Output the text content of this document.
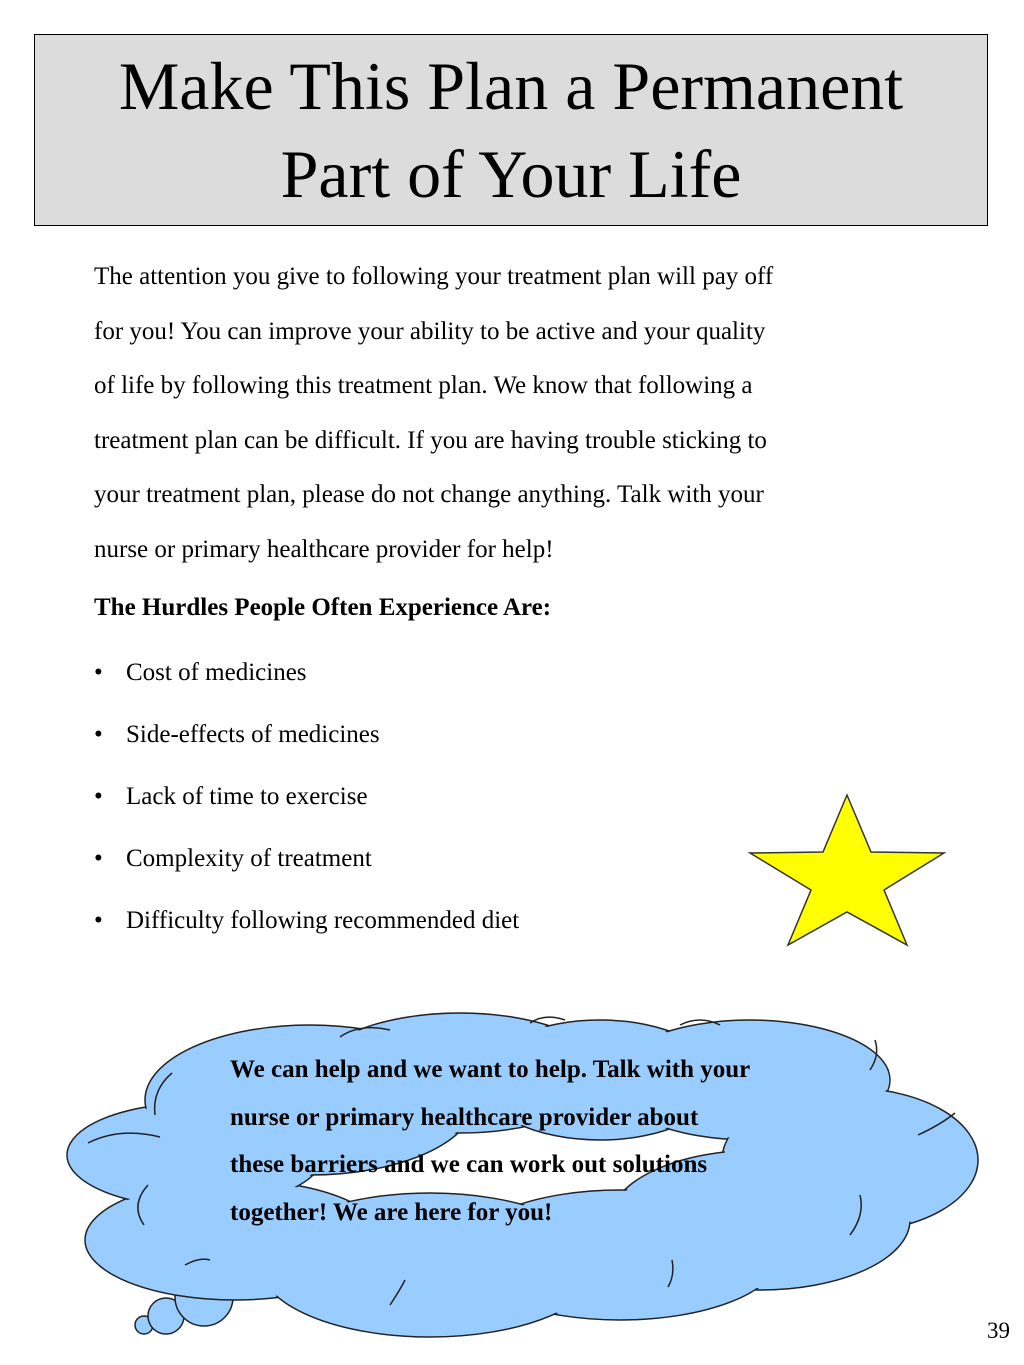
Make This Plan a Permanent
Part of Your Life
The attention you give to following your treatment plan will pay off
for you! You can improve your ability to be active and your quality
of life by following this treatment plan. We know that following a
treatment plan can be difficult. If you are having trouble sticking to
your treatment plan, please do not change anything. Talk with your
nurse or primary healthcare provider for help!
The Hurdles People Often Experience Are:
• Cost of medicines
• Side-effects of medicines
• Lack of time to exercise
• Complexity of treatment
• Difficulty following recommended diet
We can help and we want to help. Talk with your
nurse or primary healthcare provider about
these barriers and we can work out solutions
together! We are here for you!
39
